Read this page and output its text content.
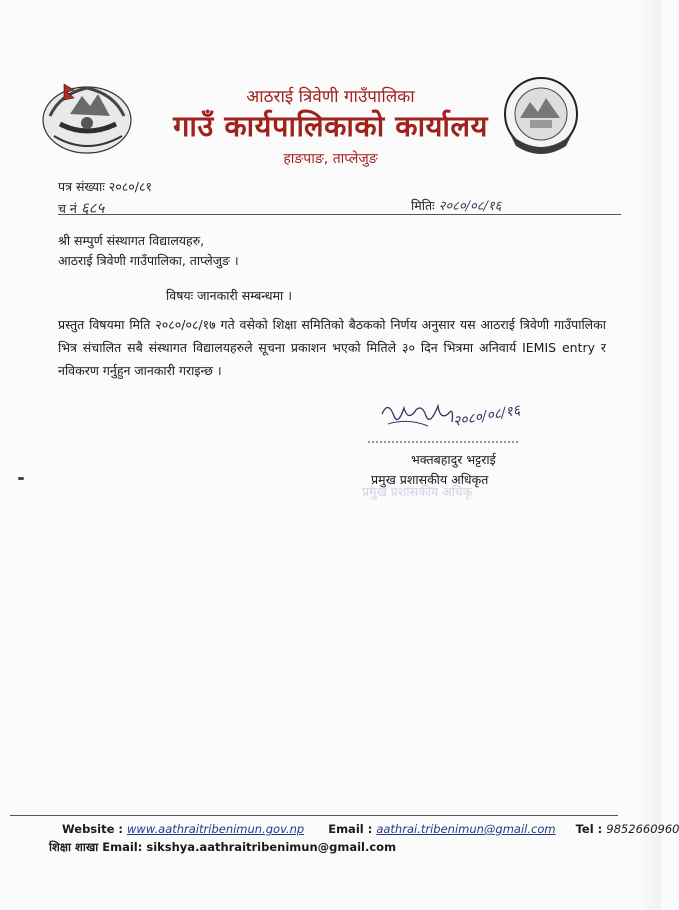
आठराई त्रिवेणी गाउँपालिका
गाउँ कार्यपालिकाको कार्यालय
हाङपाङ, ताप्लेजुङ
पत्र संख्याः २०८०/८१
च नं ६८५	मितिः २०८०/०८/१६
श्री सम्पुर्ण संस्थागत विद्यालयहरु,
आठराई त्रिवेणी गाउँपालिका, ताप्लेजुङ ।
विषयः जानकारी सम्बन्धमा ।
प्रस्तुत विषयमा मिति २०८०/०८/१७ गते वसेको शिक्षा समितिको बैठकको निर्णय अनुसार यस आठराई त्रिवेणी गाउँपालिका भित्र संचालित सबै संस्थागत विद्यालयहरुले सूचना प्रकाशन भएको मितिले ३० दिन भित्रमा अनिवार्य IEMIS entry र नविकरण गर्नुहुन जानकारी गराइन्छ ।
२०८०/०८/१६
भक्तबहादुर भट्टराई
प्रमुख प्रशासकीय अधिकृत
प्रमुख प्रशासकीय अधिकृ
Website : www.aathraitribenimun.gov.np Email : aathrai.tribenimun@gmail.com Tel : 9852660960
शिक्षा शाखा Email: sikshya.aathraitribenimun@gmail.com
